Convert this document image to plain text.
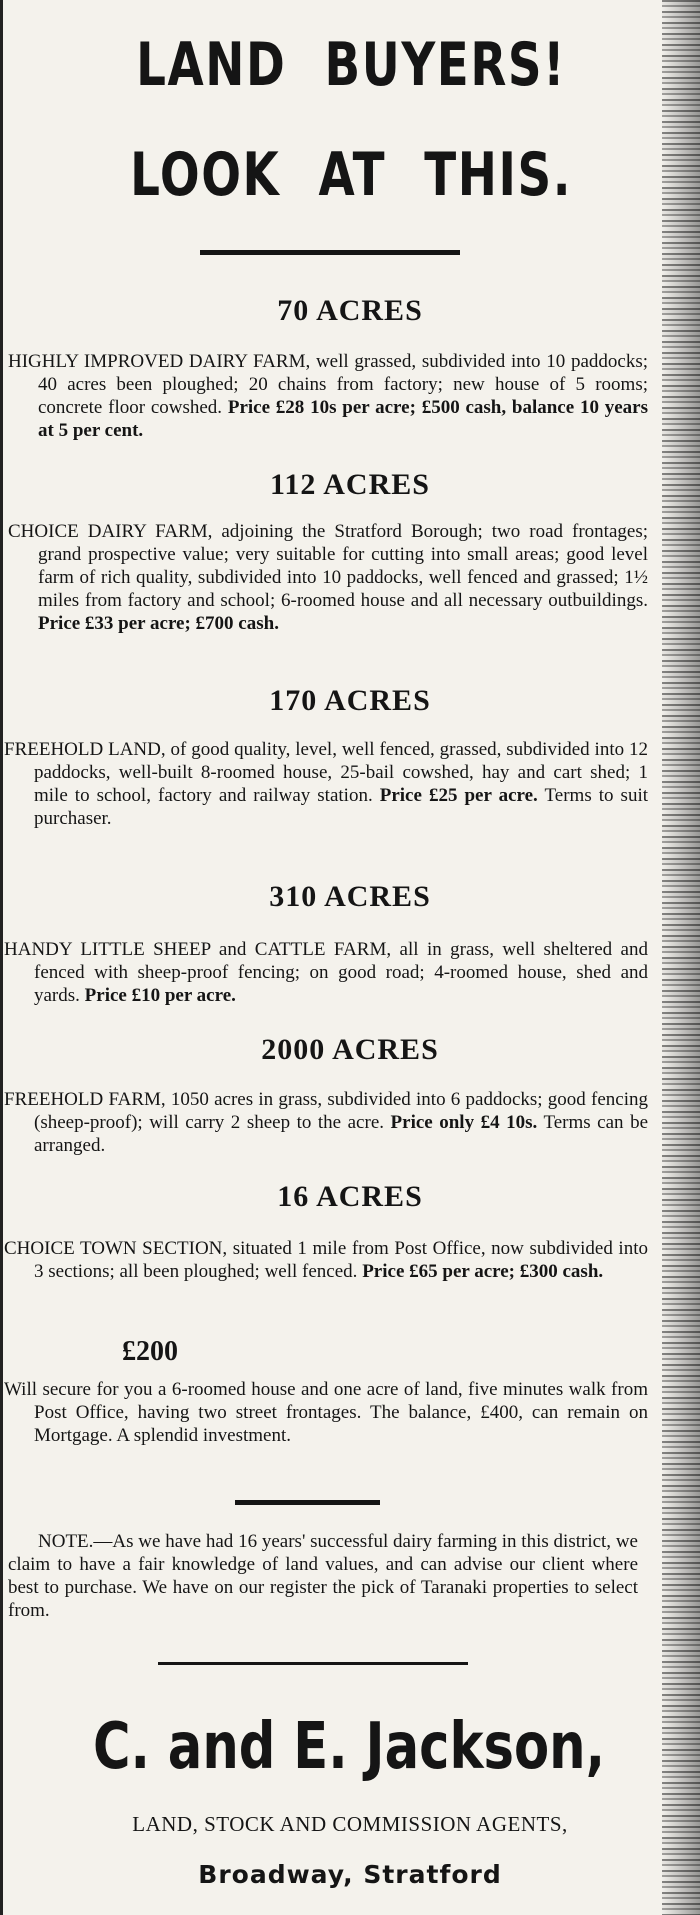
LAND BUYERS!
LOOK AT THIS.
70 ACRES
HIGHLY IMPROVED DAIRY FARM, well grassed, subdivided into 10 paddocks; 40 acres been ploughed; 20 chains from factory; new house of 5 rooms; concrete floor cowshed. Price £28 10s per acre; £500 cash, balance 10 years at 5 per cent.
112 ACRES
CHOICE DAIRY FARM, adjoining the Stratford Borough; two road frontages; grand prospective value; very suitable for cutting into small areas; good level farm of rich quality, subdivided into 10 paddocks, well fenced and grassed; 1½ miles from factory and school; 6-roomed house and all necessary outbuildings. Price £33 per acre; £700 cash.
170 ACRES
FREEHOLD LAND, of good quality, level, well fenced, grassed, subdivided into 12 paddocks, well-built 8-roomed house, 25-bail cowshed, hay and cart shed; 1 mile to school, factory and railway station. Price £25 per acre. Terms to suit purchaser.
310 ACRES
HANDY LITTLE SHEEP and CATTLE FARM, all in grass, well sheltered and fenced with sheep-proof fencing; on good road; 4-roomed house, shed and yards. Price £10 per acre.
2000 ACRES
FREEHOLD FARM, 1050 acres in grass, subdivided into 6 paddocks; good fencing (sheep-proof); will carry 2 sheep to the acre. Price only £4 10s. Terms can be arranged.
16 ACRES
CHOICE TOWN SECTION, situated 1 mile from Post Office, now subdivided into 3 sections; all been ploughed; well fenced. Price £65 per acre; £300 cash.
£200
Will secure for you a 6-roomed house and one acre of land, five minutes walk from Post Office, having two street frontages. The balance, £400, can remain on Mortgage. A splendid investment.
NOTE.—As we have had 16 years' successful dairy farming in this district, we claim to have a fair knowledge of land values, and can advise our client where best to purchase. We have on our register the pick of Taranaki properties to select from.
C. and E. Jackson,
LAND, STOCK AND COMMISSION AGENTS,
Broadway, Stratford
